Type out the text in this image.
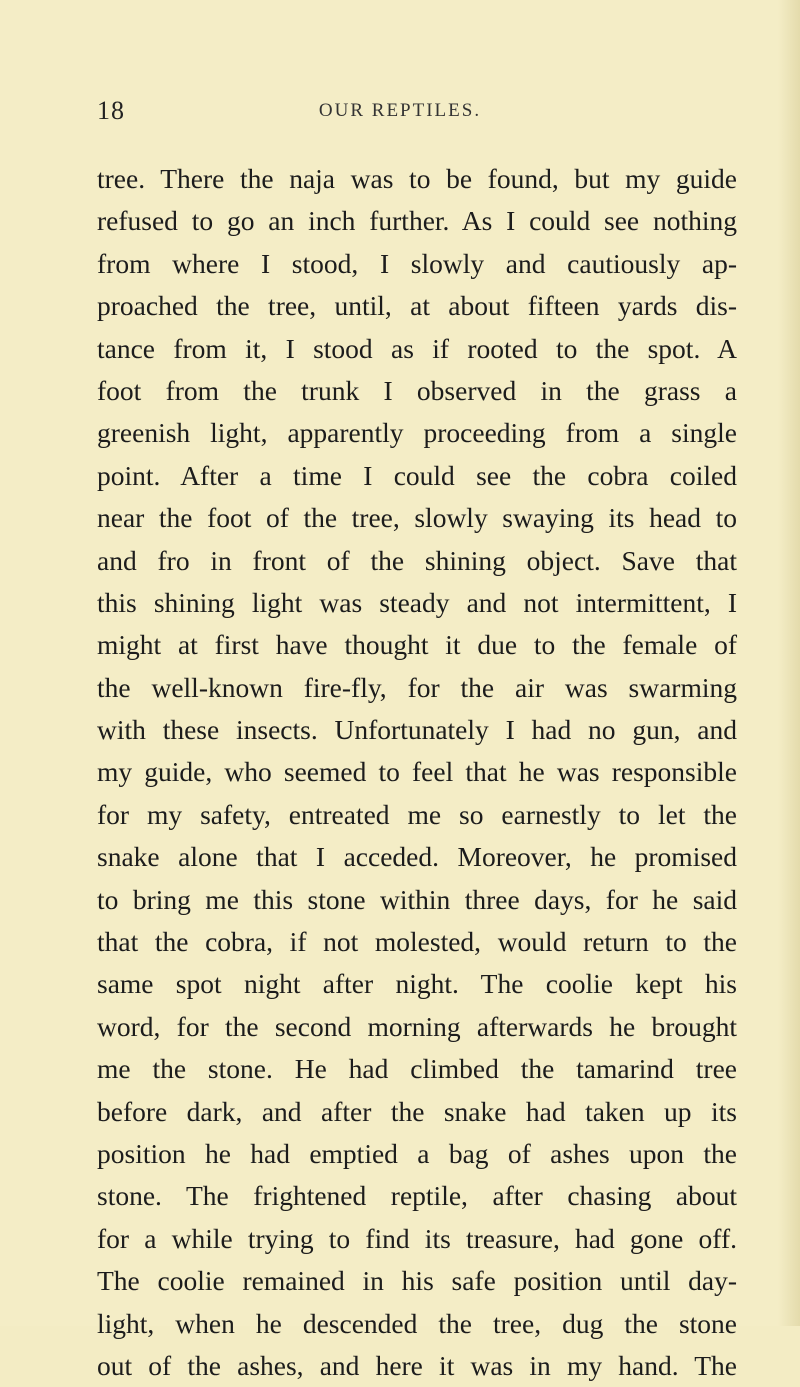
18	OUR REPTILES.
tree. There the naja was to be found, but my guide
refused to go an inch further. As I could see nothing
from where I stood, I slowly and cautiously ap-
proached the tree, until, at about fifteen yards dis-
tance from it, I stood as if rooted to the spot. A
foot from the trunk I observed in the grass a
greenish light, apparently proceeding from a single
point. After a time I could see the cobra coiled
near the foot of the tree, slowly swaying its head to
and fro in front of the shining object. Save that
this shining light was steady and not intermittent, I
might at first have thought it due to the female of
the well-known fire-fly, for the air was swarming
with these insects. Unfortunately I had no gun, and
my guide, who seemed to feel that he was responsible
for my safety, entreated me so earnestly to let the
snake alone that I acceded. Moreover, he promised
to bring me this stone within three days, for he said
that the cobra, if not molested, would return to the
same spot night after night. The coolie kept his
word, for the second morning afterwards he brought
me the stone. He had climbed the tamarind tree
before dark, and after the snake had taken up its
position he had emptied a bag of ashes upon the
stone. The frightened reptile, after chasing about
for a while trying to find its treasure, had gone off.
The coolie remained in his safe position until day-
light, when he descended the tree, dug the stone
out of the ashes, and here it was in my hand. The
